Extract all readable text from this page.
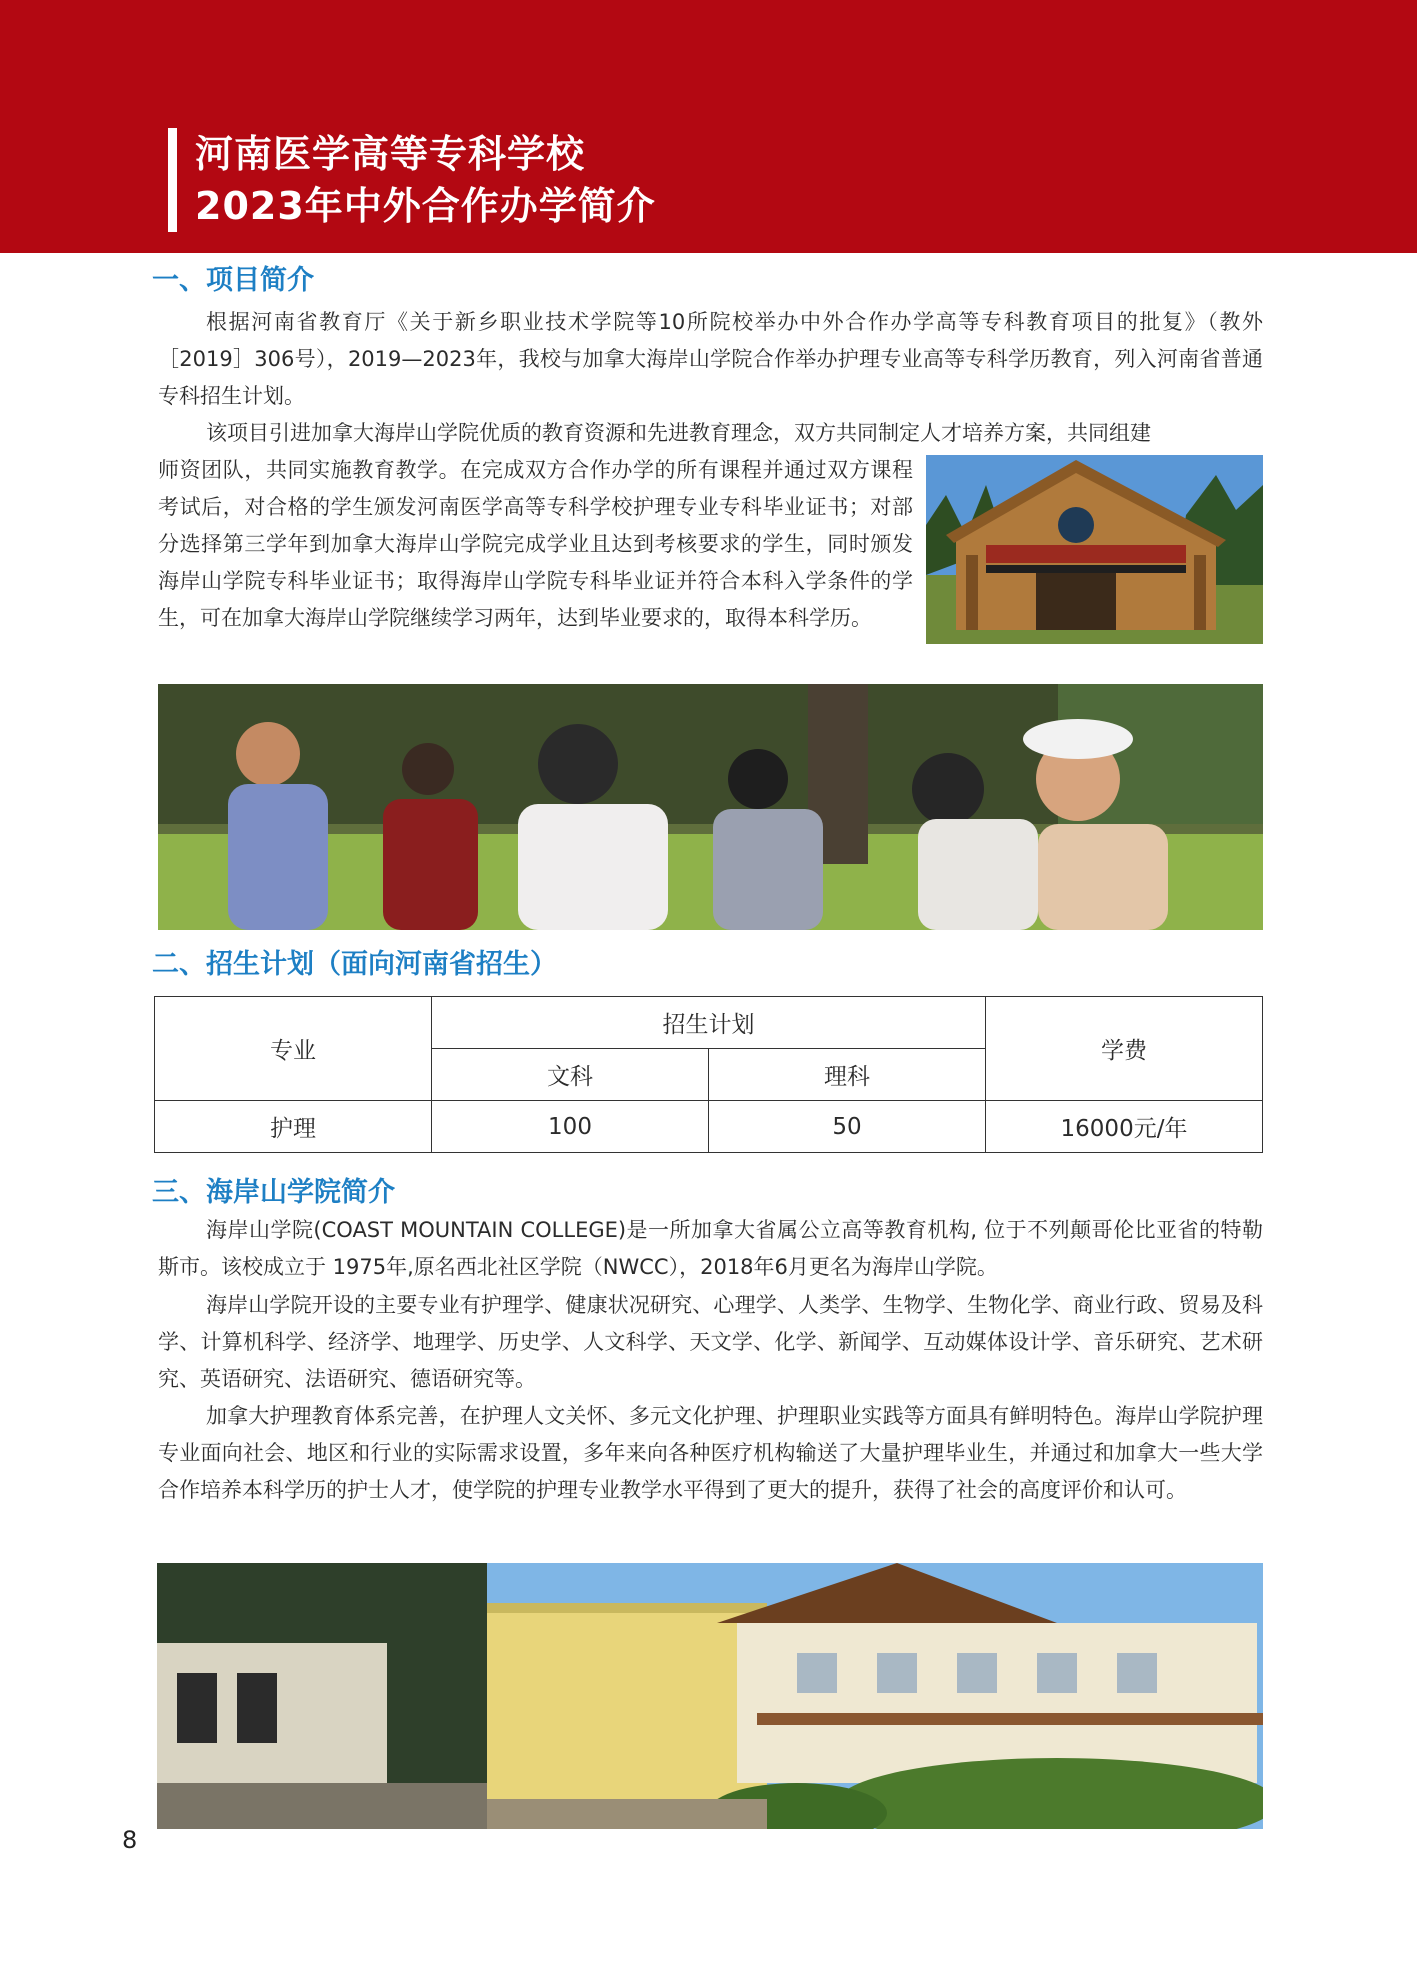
河南医学高等专科学校
2023年中外合作办学简介
一、项目简介

根据河南省教育厅《关于新乡职业技术学院等10所院校举办中外合作办学高等专科教育项目的批复》（教外［2019］306号），2019—2023年，我校与加拿大海岸山学院合作举办护理专业高等专科学历教育，列入河南省普通专科招生计划。

该项目引进加拿大海岸山学院优质的教育资源和先进教育理念，双方共同制定人才培养方案，共同组建

师资团队，共同实施教育教学。在完成双方合作办学的所有课程并通过双方课程考试后，对合格的学生颁发河南医学高等专科学校护理专业专科毕业证书；对部分选择第三学年到加拿大海岸山学院完成学业且达到考核要求的学生，同时颁发海岸山学院专科毕业证书；取得海岸山学院专科毕业证并符合本科入学条件的学生，可在加拿大海岸山学院继续学习两年，达到毕业要求的，取得本科学历。

二、招生计划（面向河南省招生）
专业	招生计划		学费
	文科	理科	
护理	100	50	16000元/年
三、海岸山学院简介

海岸山学院(COAST MOUNTAIN COLLEGE)是一所加拿大省属公立高等教育机构, 位于不列颠哥伦比亚省的特勒斯市。该校成立于 1975年,原名西北社区学院（NWCC），2018年6月更名为海岸山学院。

海岸山学院开设的主要专业有护理学、健康状况研究、心理学、人类学、生物学、生物化学、商业行政、贸易及科学、计算机科学、经济学、地理学、历史学、人文科学、天文学、化学、新闻学、互动媒体设计学、音乐研究、艺术研究、英语研究、法语研究、德语研究等。

加拿大护理教育体系完善，在护理人文关怀、多元文化护理、护理职业实践等方面具有鲜明特色。海岸山学院护理专业面向社会、地区和行业的实际需求设置，多年来向各种医疗机构输送了大量护理毕业生，并通过和加拿大一些大学合作培养本科学历的护士人才，使学院的护理专业教学水平得到了更大的提升，获得了社会的高度评价和认可。

8
